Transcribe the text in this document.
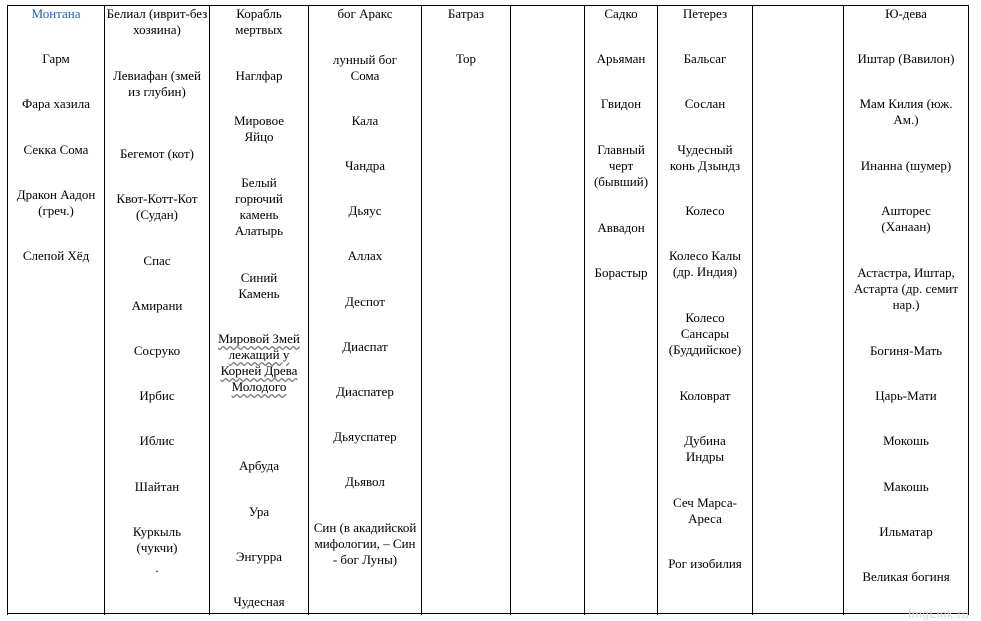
Монтана
Гарм
Фара хазила
Секка Сома
Дракон Аадон (греч.)
Слепой Хёд
Белиал (иврит-без хозяина)
Левиафан (змей из глубин)
Бегемот (кот)
Квот-Котт-Кот (Судан)
Спас
Амирани
Сосруко
Ирбис
Иблис
Шайтан
Куркыль (чукчи)
.
Корабль мертвых
Наглфар
Мировое Яйцо
Белый горючий камень Алатырь
Синий Камень
Мировой Змей лежащий у Корней Древа Молодого
Арбуда
Ура
Энгурра
Чудесная
бог Аракс
лунный бог Сома
Кала
Чандра
Дьяус
Аллах
Деспот
Диаспат
Диаспатер
Дьяуспатер
Дьявол
Син (в акадийской мифологии, – Син - бог Луны)
Батраз
Тор
Садко
Арьяман
Гвидон
Главный черт (бывший)
Аввадон
Борастыр
Петерез
Бальсаг
Сослан
Чудесный конь Дзындз
Колесо
Колесо Калы (др. Индия)
Колесо Сансары (Буддийское)
Коловрат
Дубина Индры
Сеч Марса-Ареса
Рог изобилия
Ю-дева
Иштар (Вавилон)
Мам Килия (юж. Ам.)
Инанна (шумер)
Ашторес (Ханаан)
Астастра, Иштар, Астарта (др. семит нар.)
Богиня-Мать
Царь-Мати
Мокошь
Макошь
Ильматар
Великая богиня
ImgLink.ru
